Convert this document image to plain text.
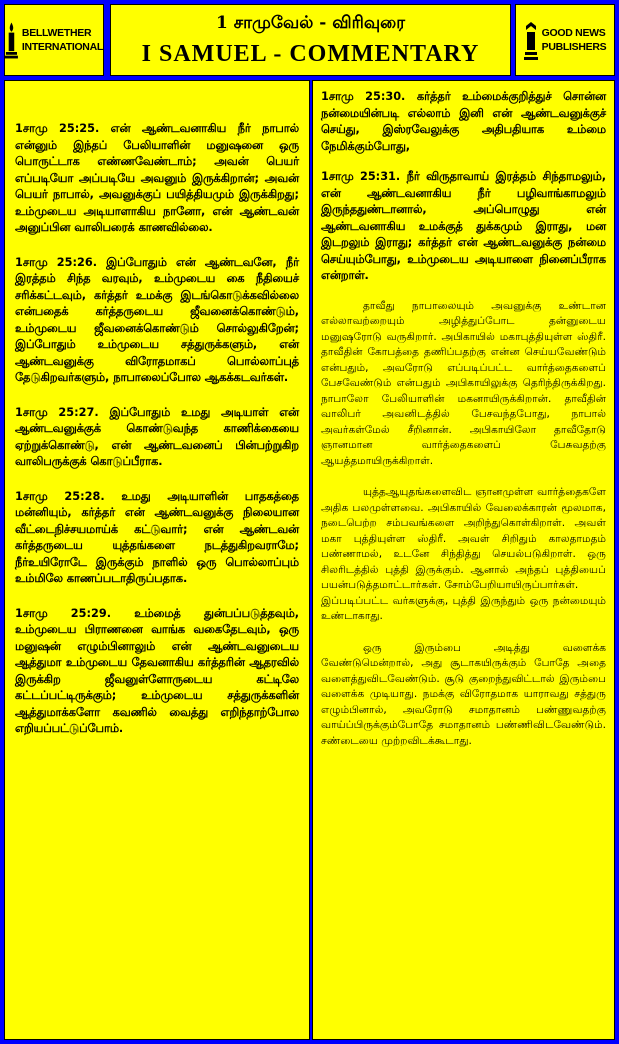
BELLWETHER
INTERNATIONAL
1 சாமுவேல் - விரிவுரை
I SAMUEL - COMMENTARY
GOOD NEWS
PUBLISHERS

1சாமு 25:25. என் ஆண்டவனாகிய நீர் நாபால் என்னும் இந்தப் பேலியாளின் மனுஷனை ஒரு பொருட்டாக எண்ணவேண்டாம்; அவன் பெயர் எப்படியோ அப்படியே அவனும் இருக்கிறான்; அவன் பெயர் நாபால், அவனுக்குப் பயித்தியமும் இருக்கிறது; உம்முடைய அடியாளாகிய நானோ, என் ஆண்டவன் அனுப்பின வாலிபரைக் காணவில்லை.

1சாமு 25:26. இப்போதும் என் ஆண்டவனே, நீர் இரத்தம் சிந்த வரவும், உம்முடைய கை நீதியைச் சரிக்கட்டவும், கர்த்தர் உமக்கு இடங்கொடுக்கவில்லை என்பதைக் கர்த்தருடைய ஜீவனைக்கொண்டும், உம்முடைய ஜீவனைக்கொண்டும் சொல்லுகிறேன்; இப்போதும் உம்முடைய சத்துருக்களும், என் ஆண்டவனுக்கு விரோதமாகப் பொல்லாப்புத் தேடுகிறவர்களும், நாபாலைப்போல ஆகக்கடவர்கள்.

1சாமு 25:27. இப்போதும் உமது அடியாள் என் ஆண்டவனுக்குக் கொண்டுவந்த காணிக்கையை ஏற்றுக்கொண்டு, என் ஆண்டவனைப் பின்பற்றுகிற வாலிபருக்குக் கொடுப்பீராக.

1சாமு 25:28. உமது அடியாளின் பாதகத்தை மன்னியும், கர்த்தர் என் ஆண்டவனுக்கு நிலையான வீட்டைநிச்சயமாய்க் கட்டுவார்; என் ஆண்டவன் கர்த்தருடைய யுத்தங்களை நடத்துகிறவராமே; நீர்உயிரோடே இருக்கும் நாளில் ஒரு பொல்லாப்பும் உம்மிலே காணப்படாதிருப்பதாக.

1சாமு 25:29. உம்மைத் துன்பப்படுத்தவும், உம்முடைய பிராணனை வாங்க வகைதேடவும், ஒரு மனுஷன் எழும்பினாலும் என் ஆண்டவனுடைய ஆத்துமா உம்முடைய தேவனாகிய கர்த்தரின் ஆதரவில் இருக்கிற ஜீவனுள்ளோருடைய கட்டிலே கட்டப்பட்டிருக்கும்; உம்முடைய சத்துருக்களின் ஆத்துமாக்களோ கவணில் வைத்து எறிந்தாற்போல எறியப்பட்டுப்போம்.

1சாமு 25:30. கர்த்தர் உம்மைக்குறித்துச் சொன்ன நன்மையின்படி எல்லாம் இனி என் ஆண்டவனுக்குச் செய்து, இஸ்ரவேலுக்கு அதிபதியாக உம்மை நேமிக்கும்போது,

1சாமு 25:31. நீர் விருதாவாய் இரத்தம் சிந்தாமலும், என் ஆண்டவனாகிய நீர் பழிவாங்காமலும் இருந்ததுண்டானால், அப்பொழுது என் ஆண்டவனாகிய உமக்குத் துக்கமும் இராது, மன இடறலும் இராது; கர்த்தர் என் ஆண்டவனுக்கு நன்மை செய்யும்போது, உம்முடைய அடியாளை நினைப்பீராக என்றாள்.

தாவீது நாபாலையும் அவனுக்கு உண்டான எல்லாவற்றையும் அழித்துப்போட தன்னுடைய மனுஷரோடு வருகிறார். அபிகாயில் மகாபுத்தியுள்ள ஸ்திரீ. தாவீதின் கோபத்தை தணிப்பதற்கு என்ன செய்யவேண்டும் என்பதும், அவரோடு எப்படிப்பட்ட வார்த்தைகளைப் பேசவேண்டும் என்பதும் அபிகாயிலுக்கு தெரிந்திருக்கிறது. நாபாலோ பேலியாளின் மகனாயிருக்கிறான். தாவீதின் வாலிபர் அவனிடத்தில் பேசவந்தபோது, நாபால் அவர்கள்மேல் சீறினான். அபிகாயிலோ தாவீதோடு ஞானமான வார்த்தைகளைப் பேசுவதற்கு ஆயத்தமாயிருக்கிறாள்.

யுத்தஆயுதங்களைவிட ஞானமுள்ள வார்த்தைகளே அதிக பலமுள்ளவை. அபிகாயில் வேலைக்காரன் மூலமாக, நடைபெற்ற சம்பவங்களை அறிந்துகொள்கிறாள். அவள் மகா புத்தியுள்ள ஸ்திரீ. அவள் சிறிதும் காலதாமதம் பண்ணாமல், உடனே சிந்தித்து செயல்படுகிறாள். ஒரு சிலரிடத்தில் புத்தி இருக்கும். ஆனால் அந்தப் புத்தியைப் பயன்படுத்தமாட்டார்கள். சோம்பேறியாயிருப்பார்கள்.
இப்படிப்பட்ட வர்களுக்கு, புத்தி இருந்தும் ஒரு நன்மையும் உண்டாகாது.

ஒரு இரும்பை அடித்து வளைக்க வேண்டுமென்றால், அது சூடாகயிருக்கும் போதே அதை வளைத்துவிடவேண்டும். சூடு குறைந்துவிட்டால் இரும்பை வளைக்க முடியாது. நமக்கு விரோதமாக யாராவது சத்துரு எழும்பினால், அவரோடு சமாதானம் பண்ணுவதற்கு வாய்ப்பிருக்கும்போதே சமாதானம் பண்ணிவிடவேண்டும். சண்டையை முற்றவிடக்கூடாது.
